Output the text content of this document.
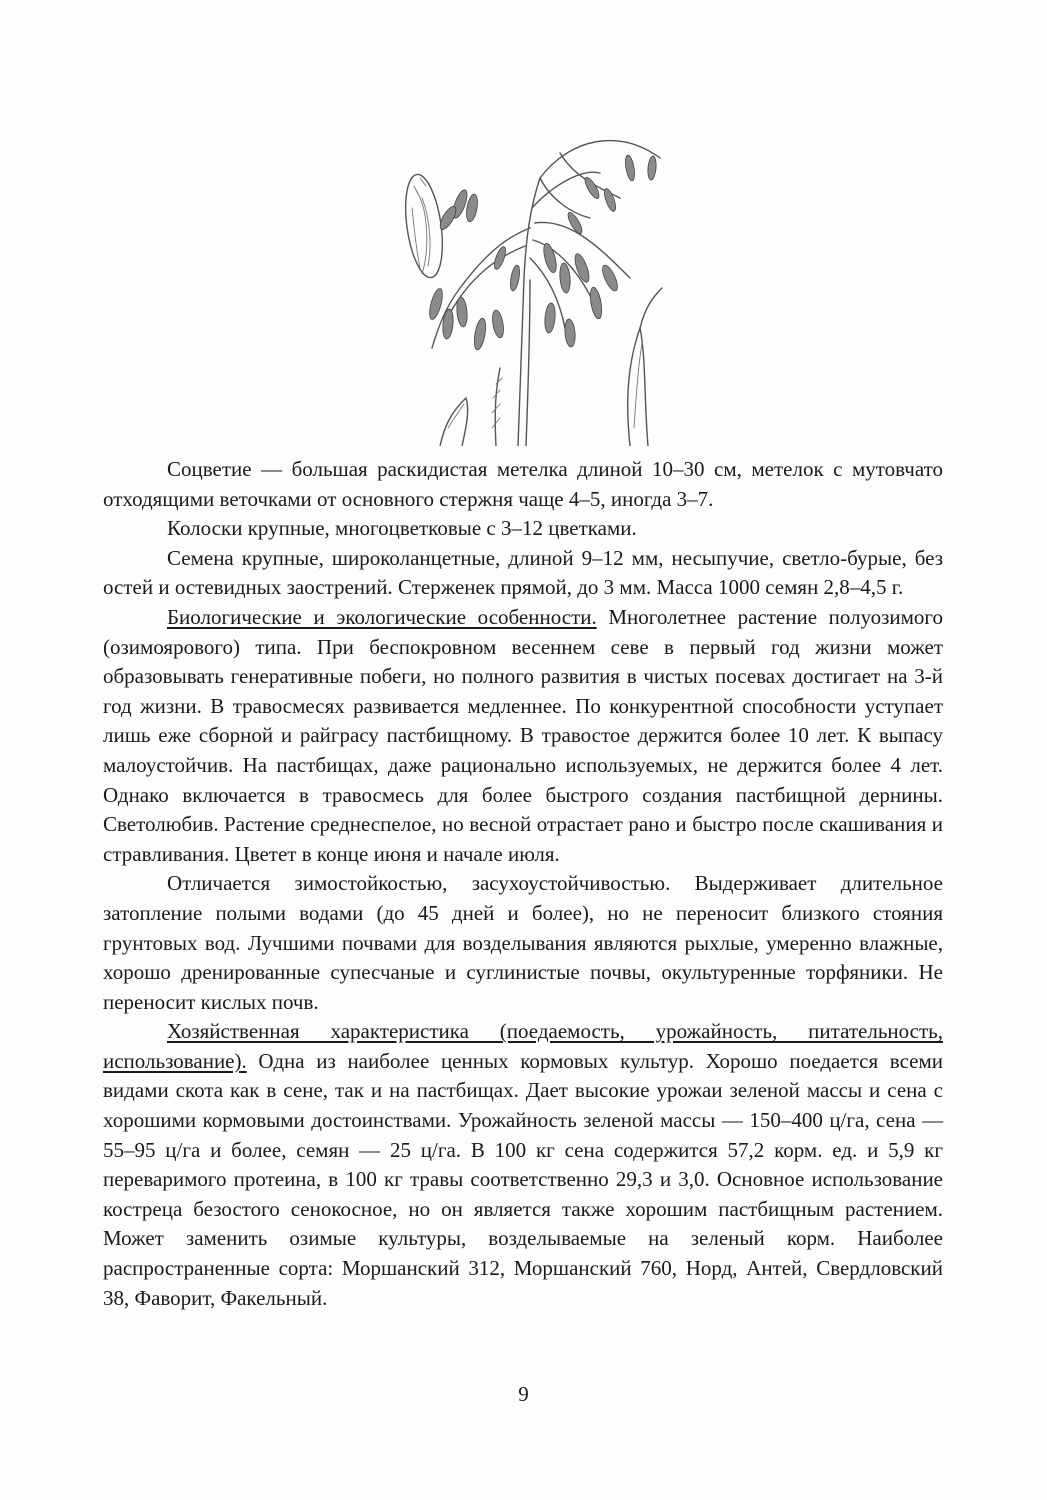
Соцветие — большая раскидистая метелка длиной 10–30 см, метелок с мутовчато отходящими веточками от основного стержня чаще 4–5, иногда 3–7.

Колоски крупные, многоцветковые с 3–12 цветками.

Семена крупные, широколанцетные, длиной 9–12 мм, несыпучие, светло-бурые, без остей и остевидных заострений. Стерженек прямой, до 3 мм. Масса 1000 семян 2,8–4,5 г.

Биологические и экологические особенности. Многолетнее растение полуозимого (озимоярового) типа. При беспокровном весеннем севе в первый год жизни может образовывать генеративные побеги, но полного развития в чистых посевах достигает на 3-й год жизни. В травосмесях развивается медленнее. По конкурентной способности уступает лишь еже сборной и райграсу пастбищному. В травостое держится более 10 лет. К выпасу малоустойчив. На пастбищах, даже рационально используемых, не держится более 4 лет. Однако включается в травосмесь для более быстрого создания пастбищной дернины. Светолюбив. Растение среднеспелое, но весной отрастает рано и быстро после скашивания и стравливания. Цветет в конце июня и начале июля.

Отличается зимостойкостью, засухоустойчивостью. Выдерживает длительное затопление полыми водами (до 45 дней и более), но не переносит близкого стояния грунтовых вод. Лучшими почвами для возделывания являются рыхлые, умеренно влажные, хорошо дренированные супесчаные и суглинистые почвы, окультуренные торфяники. Не переносит кислых почв.

Хозяйственная характеристика (поедаемость, урожайность, питательность, использование). Одна из наиболее ценных кормовых культур. Хорошо поедается всеми видами скота как в сене, так и на пастбищах. Дает высокие урожаи зеленой массы и сена с хорошими кормовыми достоинствами. Урожайность зеленой массы — 150–400 ц/га, сена — 55–95 ц/га и более, семян — 25 ц/га. В 100 кг сена содержится 57,2 корм. ед. и 5,9 кг переваримого протеина, в 100 кг травы соответственно 29,3 и 3,0. Основное использование костреца безостого сенокосное, но он является также хорошим пастбищным растением. Может заменить озимые культуры, возделываемые на зеленый корм. Наиболее распространенные сорта: Моршанский 312, Моршанский 760, Норд, Антей, Свердловский 38, Фаворит, Факельный.

9
